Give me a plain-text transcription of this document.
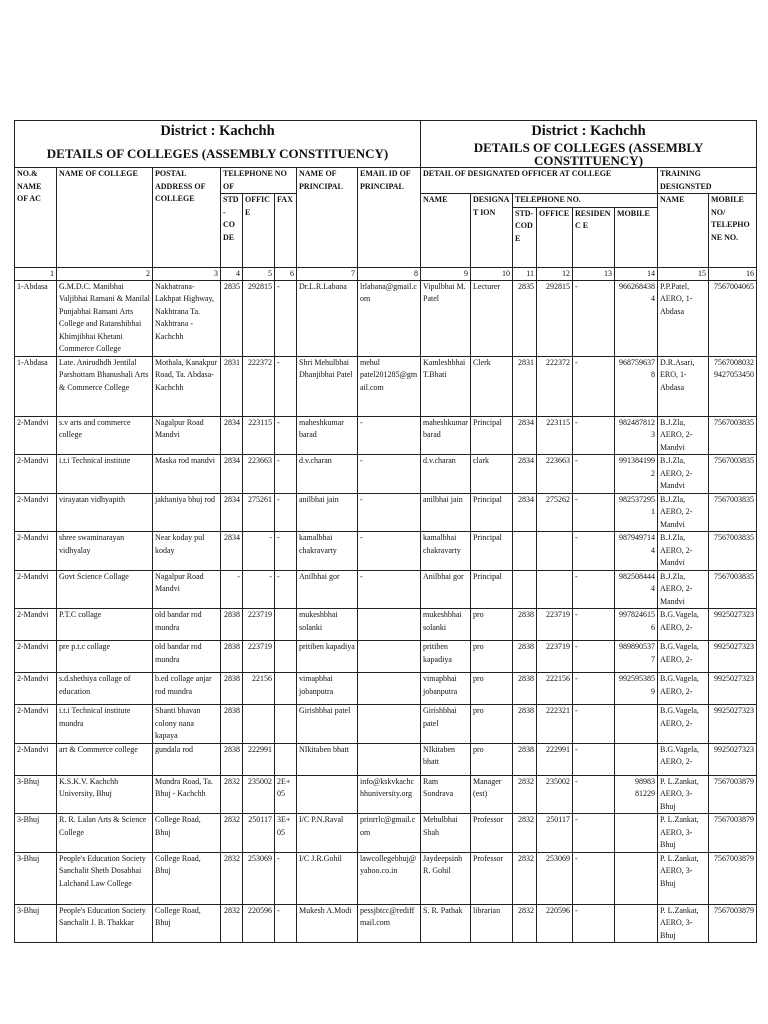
District : Kachchh								District : Kachchh							
DETAILS OF COLLEGES (ASSEMBLY CONSTITUENCY)								DETAILS OF COLLEGES (ASSEMBLY CONSTITUENCY)							
NO.& NAME OF AC	NAME OF COLLEGE	POSTAL ADDRESS OF COLLEGE	TELEPHONE NO OF			NAME OF PRINCIPAL	EMAIL ID OF PRINCIPAL	DETAIL OF DESIGNATED OFFICER AT COLLEGE						TRAINING DESIGNSTED	
			STD-CODE	OFFICE	FAX			NAME	DESIGNAT ION	TELEPHONE NO.				NAME	MOBILE NO/ TELEPHONE NO.
										STD-CODE	OFFICE	RESIDENC E	MOBILE		
1	2	3	4	5	6	7	8	9	10	11	12	13	14	15	16
1-Abdasa	G.M.D.C. Manibhai Valjibhai Ramani & Manilal Punjabhai Ramani Arts College and Ratanshibhai Khimjibhai Khetani Commerce College	Nakhatrana-Lakhpat Highway, Nakhtrana Ta. Nakhtrana - Kachchh	2835	292815	-	Dr.L.R.Labana	lrlabana@gmail.com	Vipulbhai M. Patel	Lecturer	2835	292815	-	9662684384	P.P.Patel, AERO, 1-Abdasa	7567004065
1-Abdasa	Late. Anirudhdh Jentilal Parshottam Bhanushali Arts & Commerce College	Mothala, Kanakpur Road, Ta. Abdasa- Kachchh	2831	222372	-	Shri Mehulbhai Dhanjibhai Patel	mehul patel201285@gmail.com	Kamleshbhai T.Bhati	Clerk	2831	222372	-	9687596378	D.R.Asari, ERO, 1-Abdasa	7567008032 9427053450
2-Mandvi	s.v arts and commerce college	Nagalpur Road Mandvi	2834	223115	-	maheshkumar barad	-	maheshkumar barad	Principal	2834	223115	-	9824878123	B.J.Zla, AERO, 2-Mandvi	7567003835
2-Mandvi	i.t.i Technical institute	Maska rod mandvi	2834	223663	-	d.v.charan	-	d.v.charan	clark	2834	223663	-	9913841992	B.J.Zla, AERO, 2-Mandvi	7567003835
2-Mandvi	virayatan vidhyapith	jakhaniya bhuj rod	2834	275261	-	anilbhai jain	-	anilbhai jain	Principal	2834	275262	-	9825372951	B.J.Zla, AERO, 2-Mandvi	7567003835
2-Mandvi	shree swaminarayan vidhyalay	Near koday pul koday	2834	-	-	kamalbhai chakravarty	-	kamalbhai chakravarty	Principal			-	9879497144	B.J.Zla, AERO, 2-Mandvi	7567003835
2-Mandvi	Govt Science Collage	Nagalpur Road Mandvi	-	-	-	Anilbhai gor	-	Anilbhai gor	Principal			-	9825084444	B.J.Zla, AERO, 2-Mandvi	7567003835
2-Mandvi	P.T.C collage	old bandar rod mundra	2838	223719		mukeshbhai solanki		mukeshbhai solanki	pro	2838	223719	-	9978246156	B.G.Vagela, AERO, 2-	9925027323
2-Mandvi	pre p.t.c collage	old bandar rod mundra	2838	223719		pritiben kapadiya		pritiben kapadiya	pro	2838	223719	-	9898905377	B.G.Vagela, AERO, 2-	9925027323
2-Mandvi	s.d.shethiya collage of education	b.ed collage anjar rod mundra	2838	22156		vimapbhai jobanputra		vimapbhai jobanputra	pro	2838	222156	-	9925953859	B.G.Vagela, AERO, 2-	9925027323
2-Mandvi	i.t.i Technical institute mundra	Shanti bhavan colony nana kapaya	2838			Girishbhai patel		Girishbhai patel	pro	2838	222321	-		B.G.Vagela, AERO, 2-	9925027323
2-Mandvi	art & Commerce college	gundala rod	2838	222991		NIkitaben bhatt		NIkitaben bhatt	pro	2838	222991	-		B.G.Vagela, AERO, 2-	9925027323
3-Bhuj	K.S.K.V. Kachchh University, Bhuj	Mundra Road, Ta. Bhuj - Kachchh	2832	235002	2E+05		info@kskvkachchhuniversity.org	Ram Sondrava	Manager (est)	2832	235002	-	98983 81229	P. L.Zankat, AERO, 3-Bhuj	7567003879
3-Bhuj	R. R. Lalan Arts & Science College	College Road, Bhuj	2832	250117	3E+05	I/C P.N.Raval	prinrrlc@gmail.com	Mehulbhai Shah	Professor	2832	250117	-		P. L.Zankat, AERO, 3-Bhuj	7567003879
3-Bhuj	People's Education Society Sanchalit Sheth Dosabhai Lalchand Law College	College Road, Bhuj	2832	253069	-	I/C J.R.Gohil	lawcollegebhuj@yahoo.co.in	Jaydeepsinh R. Gohil	Professor	2832	253069	-		P. L.Zankat, AERO, 3-Bhuj	7567003879
3-Bhuj	People's Education Society Sanchalit J. B. Thakkar	College Road, Bhuj	2832	220596	-	Mukesh A.Modi	pessjbtcc@rediffmail.com	S. R. Pathak	librarian	2832	220596	-		P. L.Zankat, AERO, 3-Bhuj	7567003879
